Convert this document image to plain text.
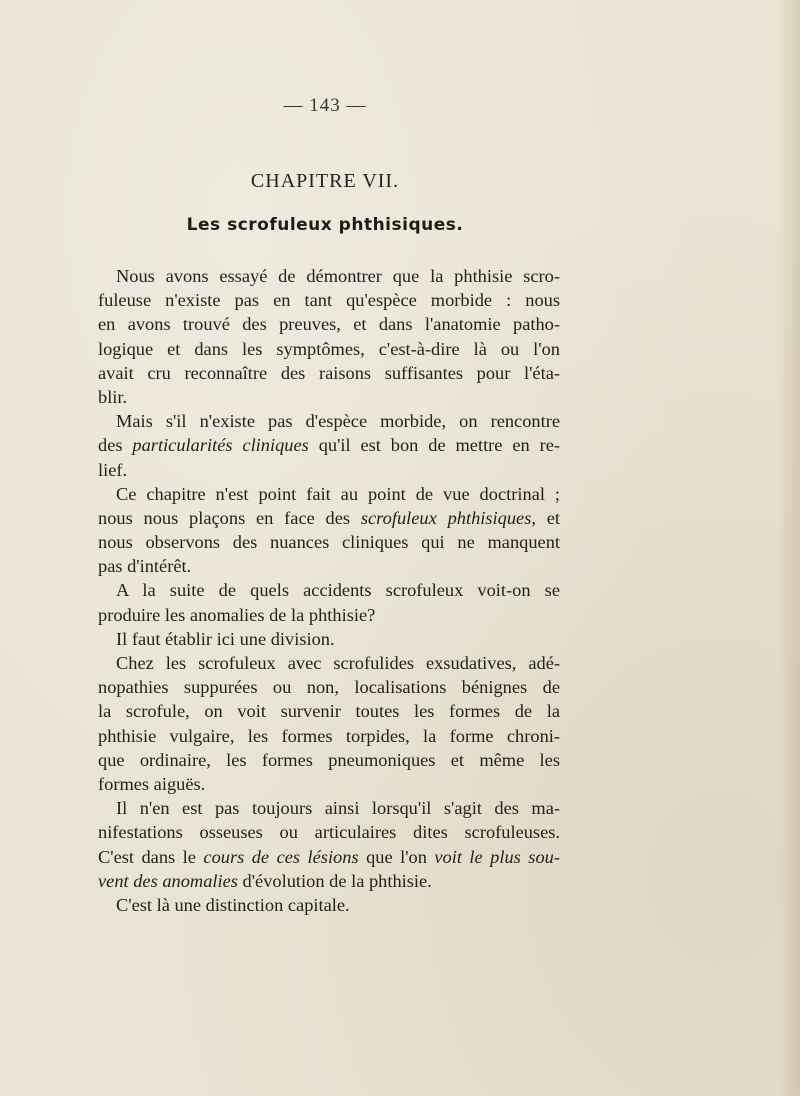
— 143 —
CHAPITRE VII.
Les scrofuleux phthisiques.
Nous avons essayé de démontrer que la phthisie scro-
fuleuse n'existe pas en tant qu'espèce morbide : nous
en avons trouvé des preuves, et dans l'anatomie patho-
logique et dans les symptômes, c'est-à-dire là ou l'on
avait cru reconnaître des raisons suffisantes pour l'éta-
blir.
Mais s'il n'existe pas d'espèce morbide, on rencontre
des particularités cliniques qu'il est bon de mettre en re-
lief.
Ce chapitre n'est point fait au point de vue doctrinal ;
nous nous plaçons en face des scrofuleux phthisiques, et
nous observons des nuances cliniques qui ne manquent
pas d'intérêt.
A la suite de quels accidents scrofuleux voit-on se
produire les anomalies de la phthisie?
Il faut établir ici une division.
Chez les scrofuleux avec scrofulides exsudatives, adé-
nopathies suppurées ou non, localisations bénignes de
la scrofule, on voit survenir toutes les formes de la
phthisie vulgaire, les formes torpides, la forme chroni-
que ordinaire, les formes pneumoniques et même les
formes aiguës.
Il n'en est pas toujours ainsi lorsqu'il s'agit des ma-
nifestations osseuses ou articulaires dites scrofuleuses.
C'est dans le cours de ces lésions que l'on voit le plus sou-
vent des anomalies d'évolution de la phthisie.
C'est là une distinction capitale.
